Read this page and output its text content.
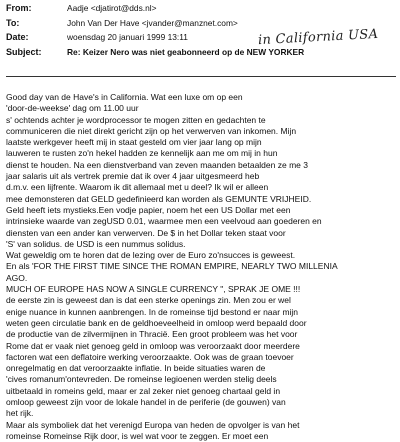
From:	Aadje <djatirot@dds.nl>
To:	John Van Der Have <jvander@manznet.com>
Date:	woensdag 20 januari 1999 13:11
Subject:	Re: Keizer Nero was niet geabonneerd op de NEW YORKER
in California USA
Good day van de Have's in California. Wat een luxe om op een
'door-de-weekse' dag om 11.00 uur
s' ochtends achter je wordprocessor te mogen zitten en gedachten te
communiceren die niet direkt gericht zijn op het verwerven van inkomen. Mijn
laatste werkgever heeft mij in staat gesteld om vier jaar lang op mijn
lauweren te rusten zo'n hekel hadden ze kennelijk aan me om mij in hun
dienst te houden. Na een dienstverband van zeven maanden betaalden ze me 3
jaar salaris uit als vertrek premie dat ik over 4 jaar uitgesmeerd heb
d.m.v. een lijfrente. Waarom ik dit allemaal met u deel? Ik wil er alleen
mee demonsteren dat GELD gedefinieerd kan worden als GEMUNTE VRIJHEID.
Geld heeft iets mystieks.Een vodje papier, noem het een US Dollar met een
intrinsieke waarde van zegUSD 0.01, waarmee men een veelvoud aan goederen en
diensten van een ander kan verwerven. De $ in het Dollar teken staat voor
'S' van solidus. de USD is een nummus solidus.
Wat geweldig om te horen dat de lezing over de Euro zo'nsucces is geweest.
En als 'FOR THE FIRST TIME SINCE THE ROMAN EMPIRE, NEARLY TWO MILLENIA
AGO.
MUCH OF EUROPE HAS NOW A SINGLE CURRENCY ", SPRAK JE OME !!!
de eerste zin is geweest dan is dat een sterke openings zin. Men zou er wel
enige nuance in kunnen aanbrengen. In de romeinse tijd bestond er naar mijn
weten geen circulatie bank en de geldhoeveelheid in omloop werd bepaald door
de productie van de zilvermijnen in Thracië. Een groot probleem was het voor
Rome dat er vaak niet genoeg geld in omloop was veroorzaakt door meerdere
factoren wat een deflatoire werking veroorzaakte. Ook was de graan toevoer
onregelmatig en dat veroorzaakte inflatie. In beide situaties waren de
'cives romanum'ontevreden. De romeinse legioenen werden stelig deels
uitbetaald in romeins geld, maar er zal zeker niet genoeg chartaal geld in
omloop geweest zijn voor de lokale handel in de periferie (de gouwen) van
het rijk.
Maar als symboliek dat het verenigd Europa van heden de opvolger is van het
romeinse Romeinse Rijk door, is wel wat voor te zeggen. Er moet een
